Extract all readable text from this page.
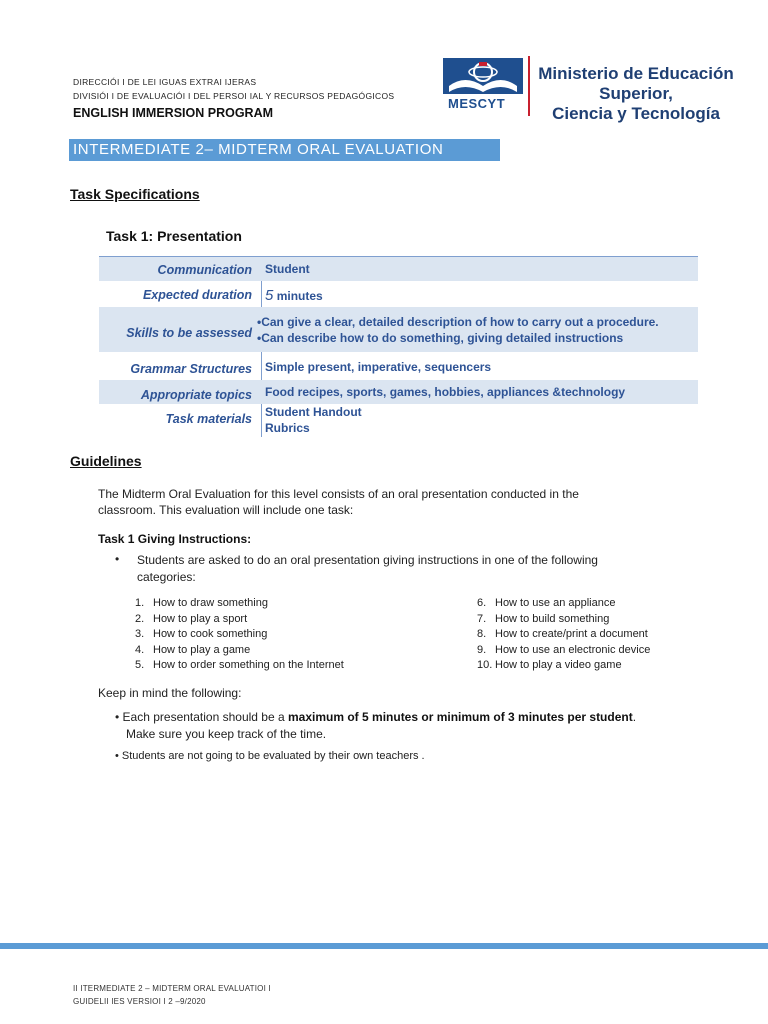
DIRECCIÓI I DE LEI IGUAS EXTRAI IJERAS
DIVISIÓI I DE EVALUACIÓI I DEL PERSOI IAL Y RECURSOS PEDAGÓGICOS
ENGLISH IMMERSION PROGRAM
MESCYT
Ministerio de Educación Superior,
Ciencia y Tecnología
INTERMEDIATE 2– MIDTERM ORAL EVALUATION
Task Specifications
Task 1: Presentation
Communication Student
Expected duration 5 minutes
Skills to be assessed
•Can give a clear, detailed description of how to carry out a procedure.
•Can describe how to do something, giving detailed instructions
Grammar Structures Simple present, imperative, sequencers
Appropriate topics Food recipes, sports, games, hobbies, appliances &technology
Task materials Student Handout
Rubrics
Guidelines
The Midterm Oral Evaluation for this level consists of an oral presentation conducted in the
classroom. This evaluation will include one task:
Task 1 Giving Instructions:
• Students are asked to do an oral presentation giving instructions in one of the following
categories:
1. How to draw something
2. How to play a sport
3. How to cook something
4. How to play a game
5. How to order something on the Internet
6. How to use an appliance
7. How to build something
8. How to create/print a document
9. How to use an electronic device
10. How to play a video game
Keep in mind the following:
• Each presentation should be a maximum of 5 minutes or minimum of 3 minutes per student.
Make sure you keep track of the time.
• Students are not going to be evaluated by their own teachers .
II ITERMEDIATE 2 – MIDTERM ORAL EVALUATIOI I
GUIDELII IES VERSIOI I 2 –9/2020
